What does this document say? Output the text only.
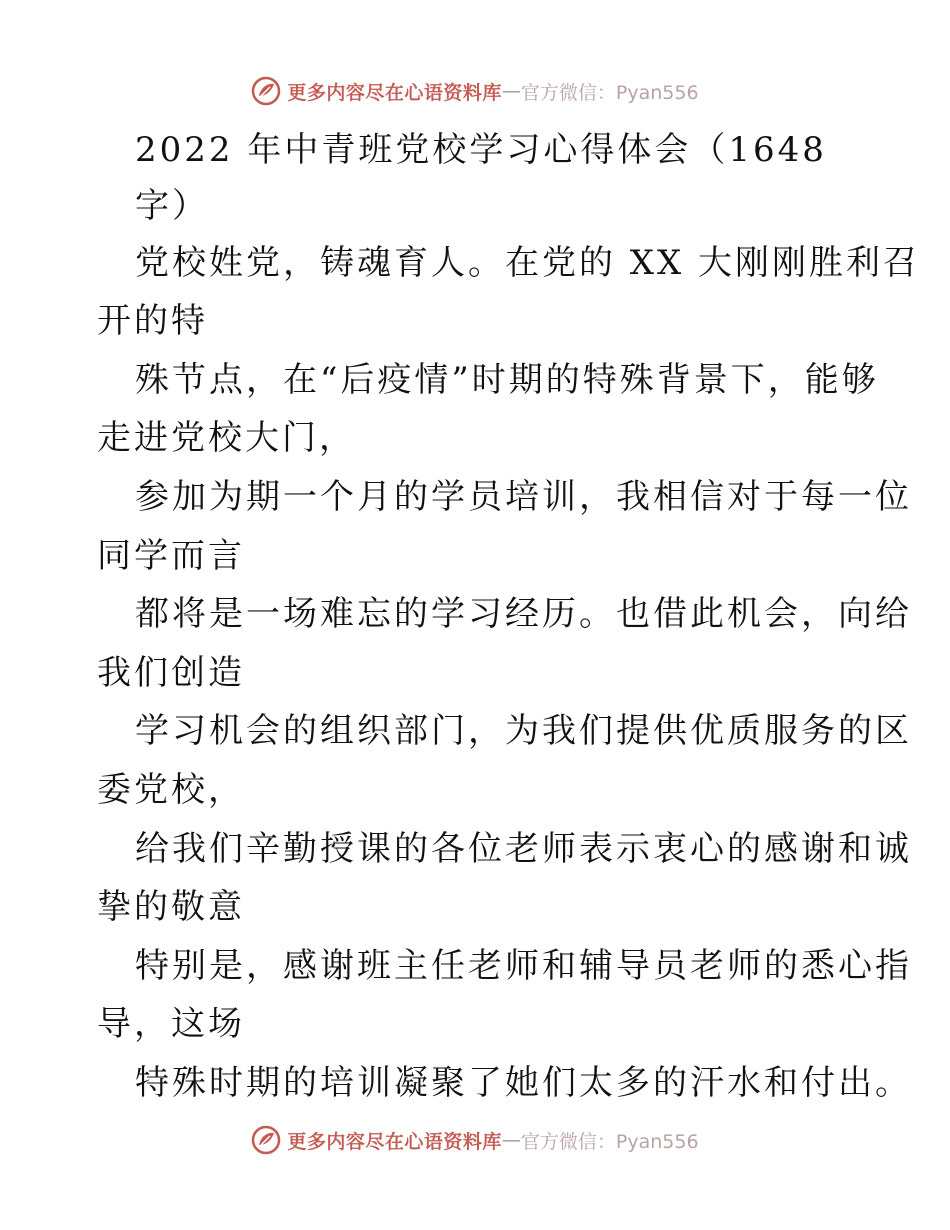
更多内容尽在心语资料库 — 官方微信：Pyan556
2022 年中青班党校学习心得体会（1648
字）
党校姓党，铸魂育人。在党的 XX 大刚刚胜利召
开的特
殊节点，在“后疫情”时期的特殊背景下，能够
走进党校大门，
参加为期一个月的学员培训，我相信对于每一位
同学而言
都将是一场难忘的学习经历。也借此机会，向给
我们创造
学习机会的组织部门，为我们提供优质服务的区
委党校，
给我们辛勤授课的各位老师表示衷心的感谢和诚
挚的敬意
特别是，感谢班主任老师和辅导员老师的悉心指
导，这场
特殊时期的培训凝聚了她们太多的汗水和付出。
更多内容尽在心语资料库 — 官方微信：Pyan556
